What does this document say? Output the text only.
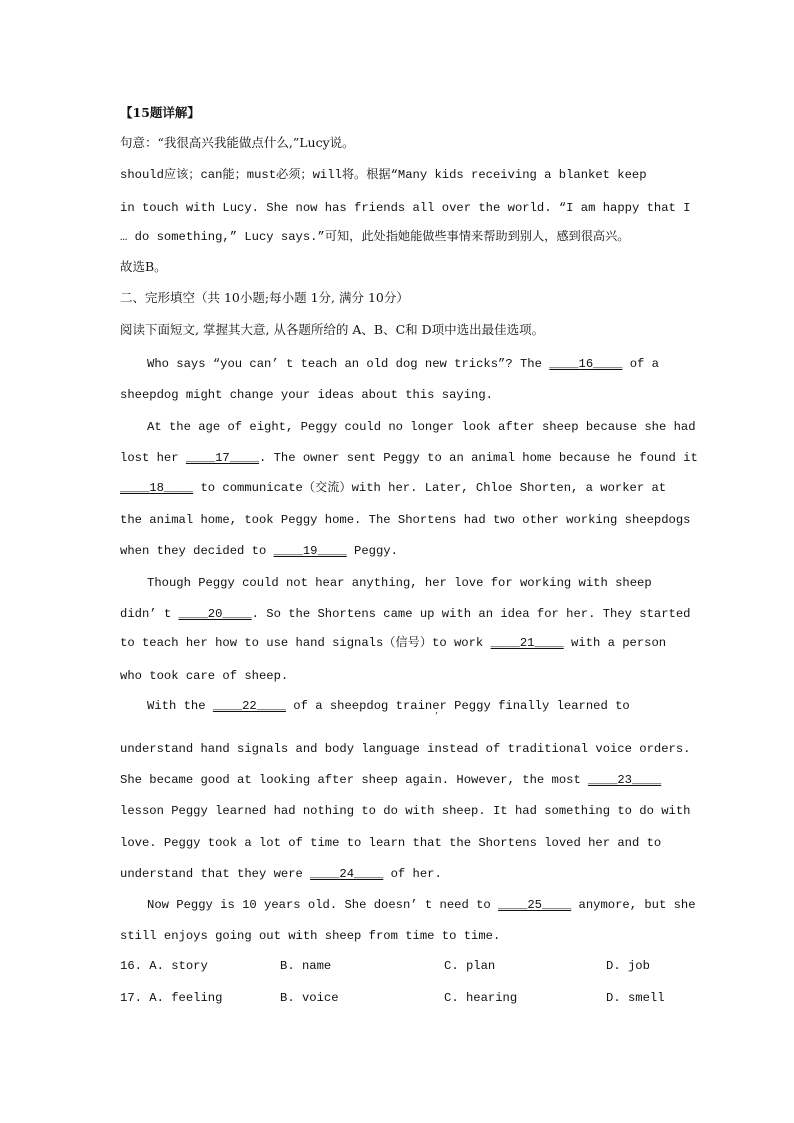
【15题详解】
句意：“我很高兴我能做点什么,”Lucy说。
should应该；can能；must必须；will将。根据“Many kids receiving a blanket keep
in touch with Lucy. She now has friends all over the world. “I am happy that I
… do something,” Lucy says.”可知，此处指她能做些事情来帮助到别人，感到很高兴。
故选B。
二、完形填空（共 10小题;每小题 1分, 满分 10分）
阅读下面短文, 掌握其大意, 从各题所给的 A、B、C和 D项中选出最佳选项。
Who says “you can’ t teach an old dog new tricks”? The ____16____ of a
sheepdog might change your ideas about this saying.
At the age of eight, Peggy could no longer look after sheep because she had
lost her ____17____. The owner sent Peggy to an animal home because he found it
____18____ to communicate（交流）with her. Later, Chloe Shorten, a worker at
the animal home, took Peggy home. The Shortens had two other working sheepdogs
when they decided to ____19____ Peggy.
Though Peggy could not hear anything, her love for working with sheep
didn’ t ____20____. So the Shortens came up with an idea for her. They started
to teach her how to use hand signals（信号）to work ____21____ with a person
who took care of sheep.
With the ____22____ of a sheepdog trainer Peggy finally learned to
’
understand hand signals and body language instead of traditional voice orders.
She became good at looking after sheep again. However, the most ____23____
lesson Peggy learned had nothing to do with sheep. It had something to do with
love. Peggy took a lot of time to learn that the Shortens loved her and to
understand that they were ____24____ of her.
Now Peggy is 10 years old. She doesn’ t need to ____25____ anymore, but she
still enjoys going out with sheep from time to time.
16. A. story	B. name	C. plan	D. job
17. A. feeling	B. voice	C. hearing	D. smell
